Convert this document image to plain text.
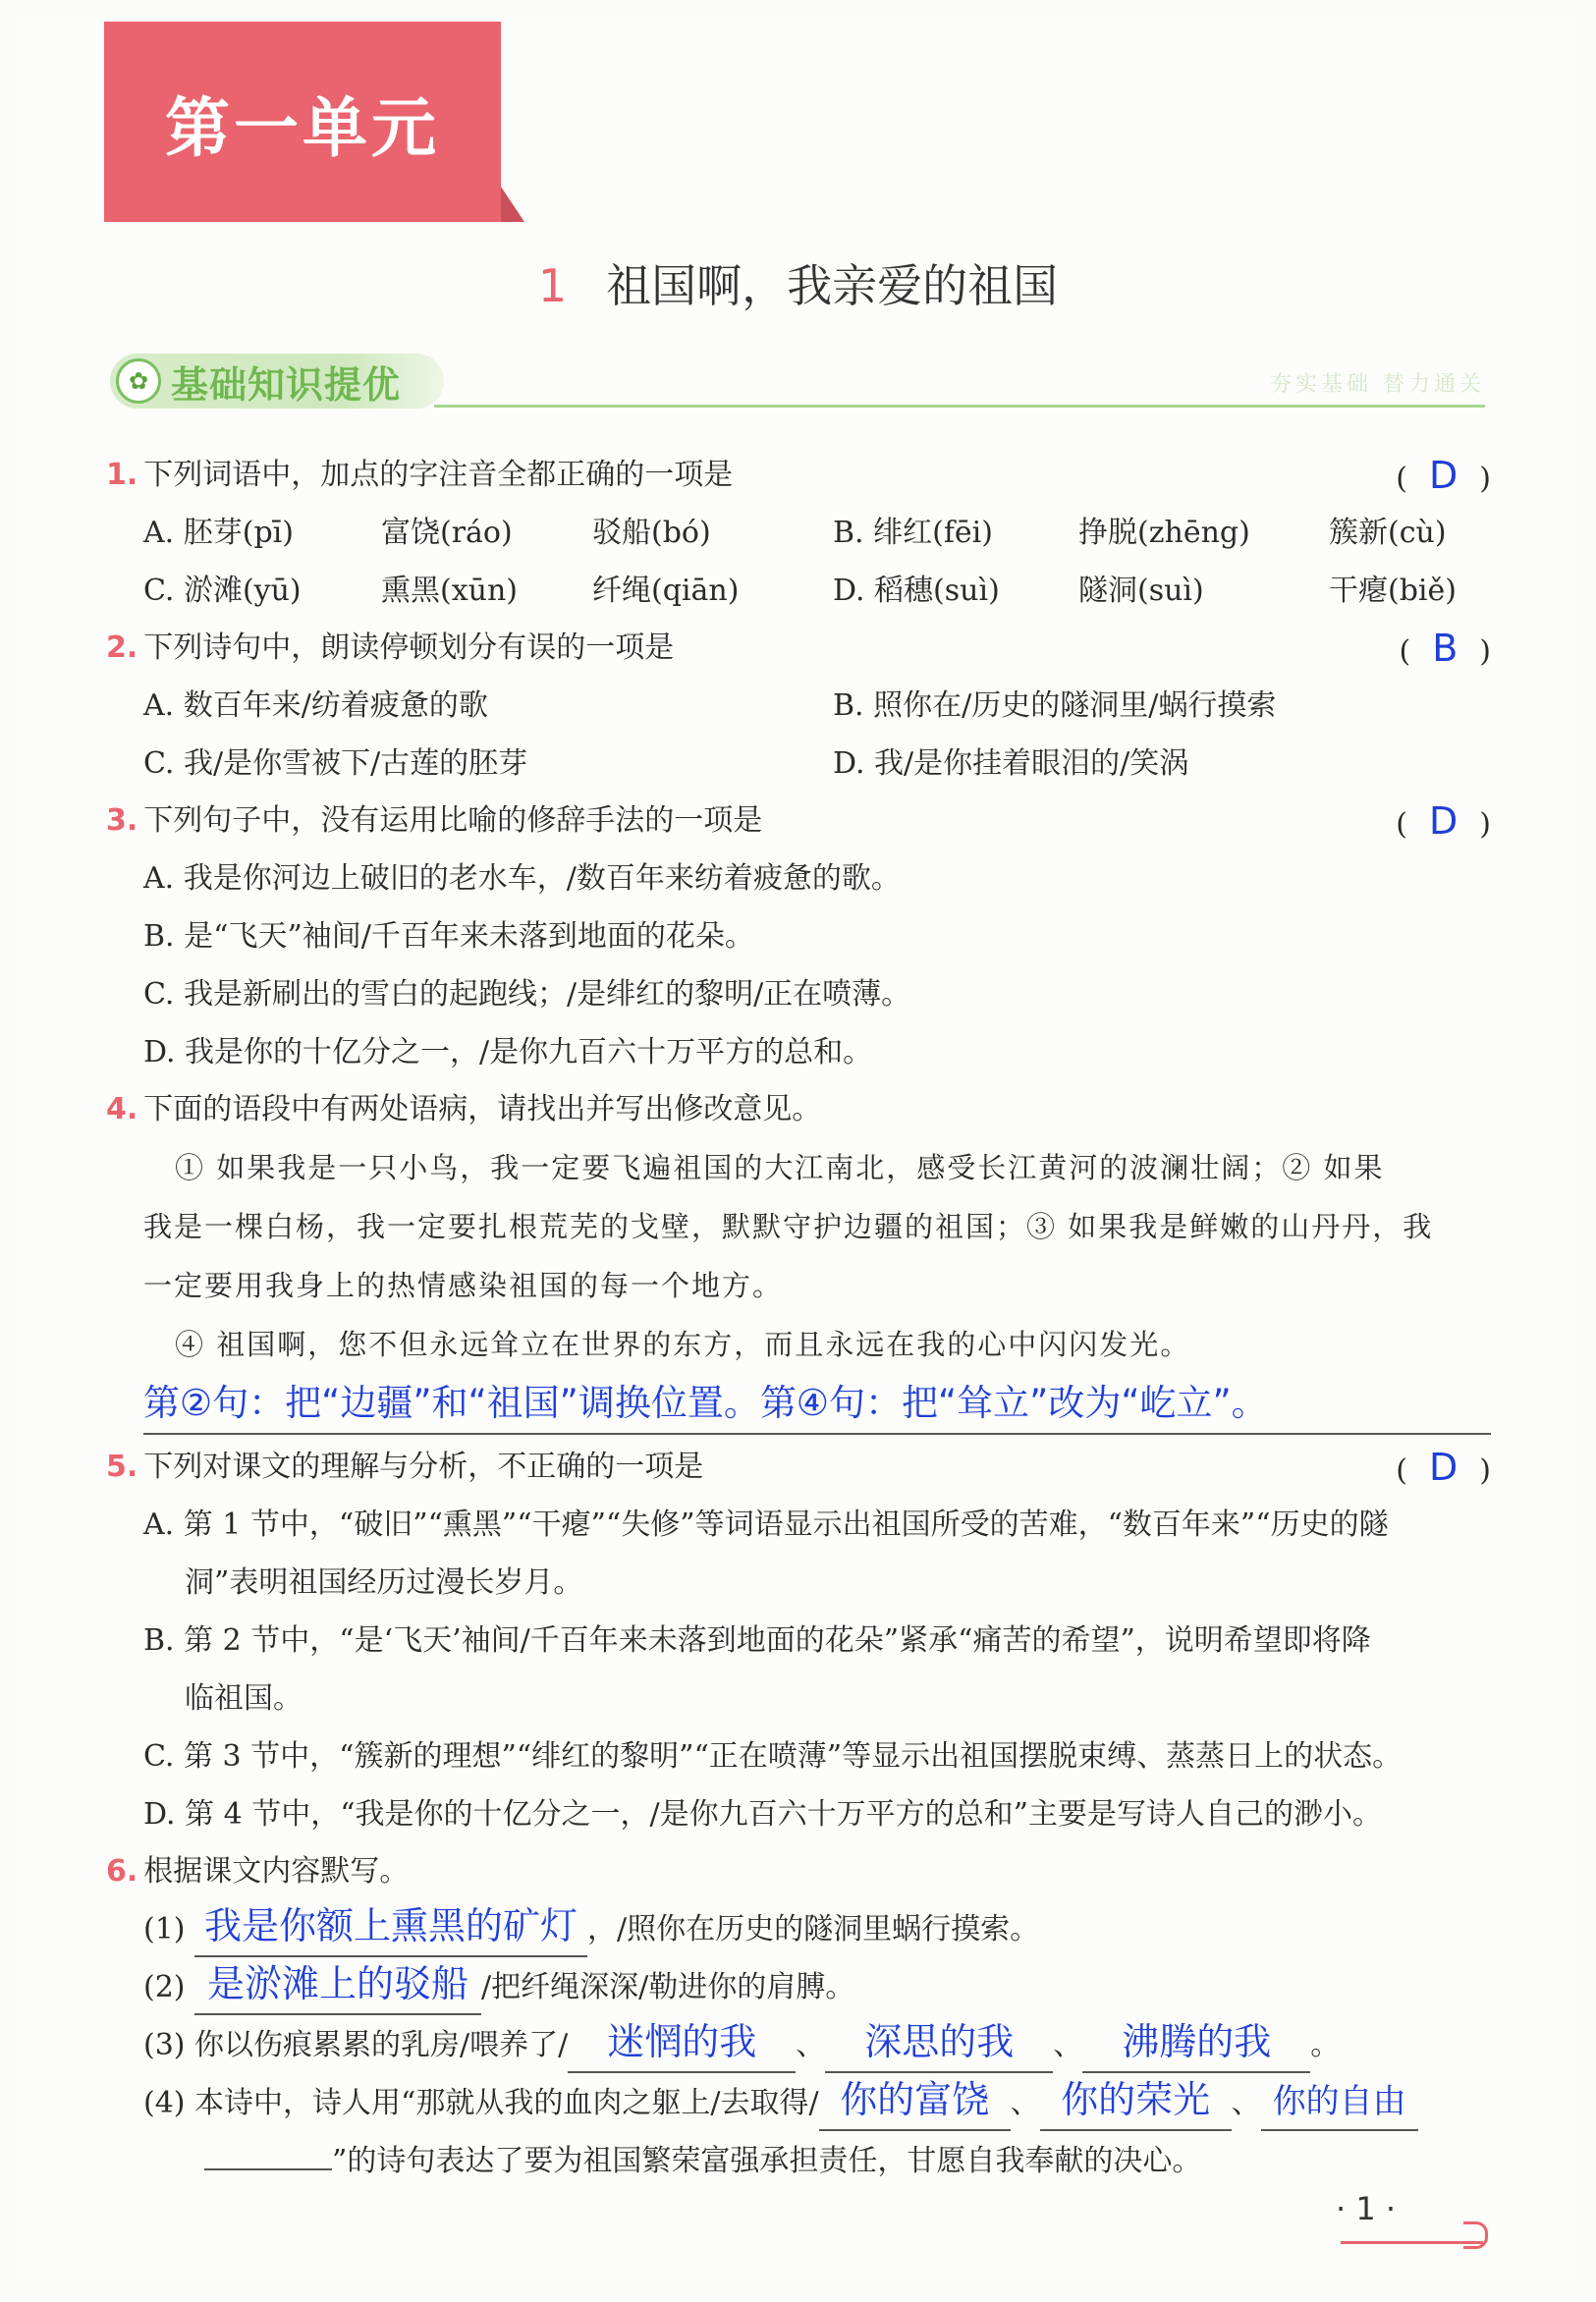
第一单元
1 祖国啊，我亲爱的祖国
✿ 基础知识提优	夯实基础 替力通关
1. 下列词语中，加点的字注音全都正确的一项是	( D )
A. 胚芽(pī)	富饶(ráo)	驳船(bó)	B. 绯红(fēi)	挣脱(zhēng)	簇新(cù)
C. 淤滩(yū)	熏黑(xūn)	纤绳(qiān)	D. 稻穗(suì)	隧洞(suì)	干瘪(biě)
2. 下列诗句中，朗读停顿划分有误的一项是	( B )
A. 数百年来/纺着疲惫的歌	B. 照你在/历史的隧洞里/蜗行摸索
C. 我/是你雪被下/古莲的胚芽	D. 我/是你挂着眼泪的/笑涡
3. 下列句子中，没有运用比喻的修辞手法的一项是	( D )
A. 我是你河边上破旧的老水车，/数百年来纺着疲惫的歌。
B. 是“飞天”袖间/千百年来未落到地面的花朵。
C. 我是新刷出的雪白的起跑线；/是绯红的黎明/正在喷薄。
D. 我是你的十亿分之一，/是你九百六十万平方的总和。
4. 下面的语段中有两处语病，请找出并写出修改意见。
① 如果我是一只小鸟，我一定要飞遍祖国的大江南北，感受长江黄河的波澜壮阔；② 如果
我是一棵白杨，我一定要扎根荒芜的戈壁，默默守护边疆的祖国；③ 如果我是鲜嫩的山丹丹，我
一定要用我身上的热情感染祖国的每一个地方。
④ 祖国啊，您不但永远耸立在世界的东方，而且永远在我的心中闪闪发光。
第②句：把“边疆”和“祖国”调换位置。第④句：把“耸立”改为“屹立”。
5. 下列对课文的理解与分析，不正确的一项是	( D )
A. 第 1 节中，“破旧”“熏黑”“干瘪”“失修”等词语显示出祖国所受的苦难，“数百年来”“历史的隧
洞”表明祖国经历过漫长岁月。
B. 第 2 节中，“是‘飞天’袖间/千百年来未落到地面的花朵”紧承“痛苦的希望”，说明希望即将降
临祖国。
C. 第 3 节中，“簇新的理想”“绯红的黎明”“正在喷薄”等显示出祖国摆脱束缚、蒸蒸日上的状态。
D. 第 4 节中，“我是你的十亿分之一，/是你九百六十万平方的总和”主要是写诗人自己的渺小。
6. 根据课文内容默写。
(1) 我是你额上熏黑的矿灯 ，/照你在历史的隧洞里蜗行摸索。
(2) 是淤滩上的驳船 /把纤绳深深/勒进你的肩膊。
(3) 你以伤痕累累的乳房/喂养了/ 迷惘的我 、 深思的我 、 沸腾的我 。
(4) 本诗中，诗人用“那就从我的血肉之躯上/去取得/ 你的富饶 、 你的荣光 、 你的自由
”的诗句表达了要为祖国繁荣富强承担责任，甘愿自我奉献的决心。
· 1 ·
